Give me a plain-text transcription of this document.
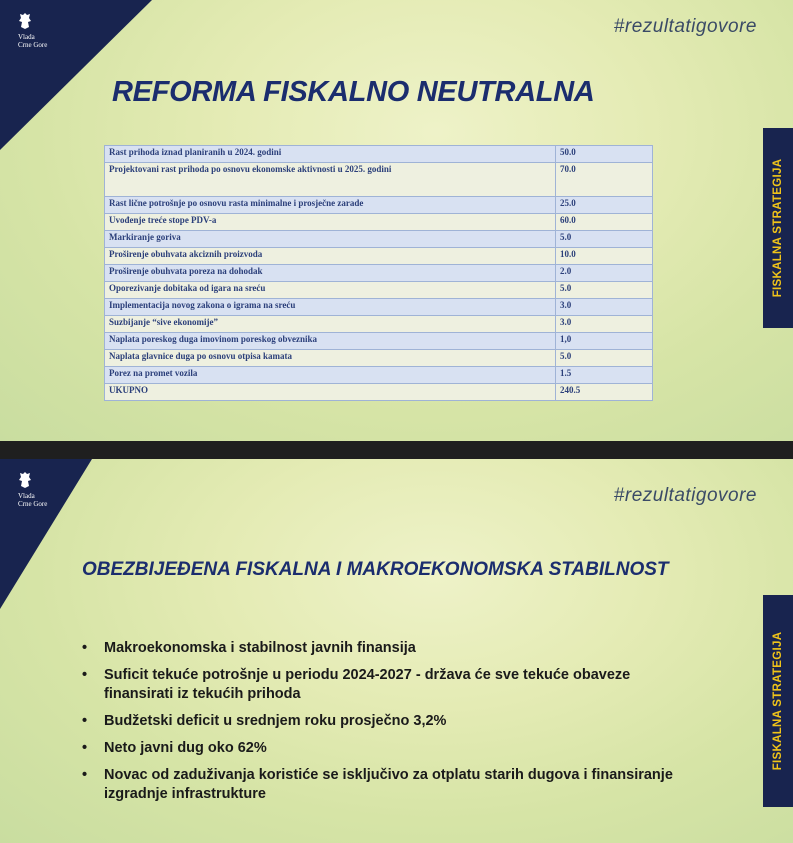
Vlada
Crne Gore
#rezultatigovore
FISKALNA STRATEGIJA
REFORMA FISKALNO NEUTRALNA
Rast prihoda iznad planiranih u 2024. godini	50.0
Projektovani rast prihoda po osnovu ekonomske aktivnosti u 2025. godini	70.0
Rast lične potrošnje po osnovu rasta minimalne i prosječne zarade	25.0
Uvođenje treće stope PDV-a	60.0
Markiranje goriva	5.0
Proširenje obuhvata akciznih proizvoda	10.0
Proširenje obuhvata poreza na dohodak	2.0
Oporezivanje dobitaka od igara na sreću	5.0
Implementacija novog zakona o igrama na sreću	3.0
Suzbijanje “sive ekonomije”	3.0
Naplata poreskog duga imovinom poreskog obveznika	1,0
Naplata glavnice duga po osnovu otpisa kamata	5.0
Porez na promet vozila	1.5
UKUPNO	240.5
Vlada
Crne Gore	#rezultatigovore
FISKALNA STRATEGIJA
OBEZBIJEĐENA FISKALNA I MAKROEKONOMSKA STABILNOST
• Makroekonomska i stabilnost javnih finansija
• Suficit tekuće potrošnje u periodu 2024-2027 - država će sve tekuće obaveze finansirati iz tekućih prihoda
• Budžetski deficit u srednjem roku prosječno 3,2%
• Neto javni dug oko 62%
• Novac od zaduživanja koristiće se isključivo za otplatu starih dugova i finansiranje izgradnje infrastrukture
